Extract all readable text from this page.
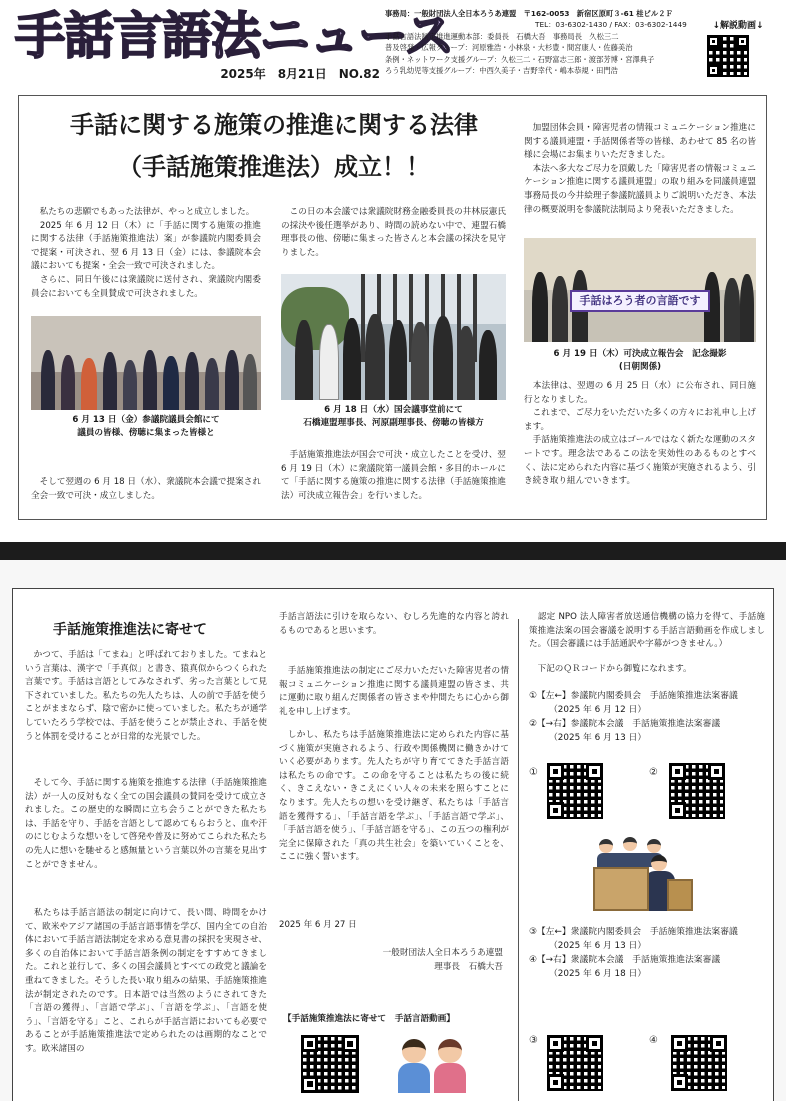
手話言語法ニュース
2025年　8月21日　NO.82
事務局：一般財団法人全日本ろうあ連盟　〒162-0053　新宿区原町３-61 桂ビル２Ｆ
TEL：03-6302-1430 / FAX：03-6302-1449
手話言語法制定推進運動本部：委員長　石橋大吾　事務局長　久松三二
普及啓発・広報グループ：河原雅浩・小林泉・大杉豊・間宮康人・佐藤美治
条例・ネットワーク支援グループ：久松三二・石野富志三郎・渡部芳博・宮澤典子
ろう乳幼児等支援グループ：中西久美子・吉野幸代・嶋本恭規・田門浩
↓解説動画↓
手話に関する施策の推進に関する法律
（手話施策推進法）成立！！
　私たちの悲願でもあった法律が、やっと成立しました。
　2025 年 6 月 12 日（木）に「手話に関する施策の推進に関する法律（手話施策推進法）案」が参議院内閣委員会で提案・可決され、翌 6 月 13 日（金）には、参議院本会議においても提案・全会一致で可決されました。
　さらに、同日午後には衆議院に送付され、衆議院内閣委員会においても全員賛成で可決されました。
6 月 13 日（金）参議院議員会館にて
議員の皆様、傍聴に集まった皆様と
　そして翌週の 6 月 18 日（水）、衆議院本会議で提案され全会一致で可決・成立しました。
　この日の本会議では衆議院財務金融委員長の井林辰憲氏の採決や後任選挙があり、時間の読めない中で、連盟石橋理事長の他、傍聴に集まった皆さんと本会議の採決を見守りました。
6 月 18 日（水）国会議事堂前にて
石橋連盟理事長、河原副理事長、傍聴の皆様方
　手話施策推進法が国会で可決・成立したことを受け、翌 6 月 19 日（木）に衆議院第一議員会館・多目的ホールにて「手話に関する施策の推進に関する法律（手話施策推進法）可決成立報告会」を行いました。
　加盟団体会員・障害児者の情報コミュニケーション推進に関する議員連盟・手話関係者等の皆様、あわせて 85 名の皆様に会場にお集まりいただきました。
　本法へ多大なご尽力を頂戴した「障害児者の情報コミュニケーション推進に関する議員連盟」の取り組みを同議員連盟事務局長の今井絵理子参議院議員よりご説明いただき、本法律の概要説明を参議院法制局より発表いただきました。
手話はろう者の言語です
6 月 19 日（木）可決成立報告会　記念撮影
(日朝関係)
　本法律は、翌週の 6 月 25 日（水）に公布され、同日施行となりました。
　これまで、ご尽力をいただいた多くの方々にお礼申し上げます。
　手話施策推進法の成立はゴールではなく新たな運動のスタートです。理念法であるこの法を実効性のあるものとすべく、法に定められた内容に基づく施策が実施されるよう、引き続き取り組んでいきます。
手話施策推進法に寄せて
　かつて、手話は「てまね」と呼ばれておりました。てまねという言葉は、漢字で「手真似」と書き、猿真似からつくられた言葉です。手話は言語としてみなされず、劣った言葉として見下されていました。私たちの先人たちは、人の前で手話を使うことがままならず、陰で密かに使っていました。私たちが通学していたろう学校では、手話を使うことが禁止され、手話を使うと体罰を受けることが日常的な光景でした。
　そして今、手話に関する施策を推進する法律（手話施策推進法）が一人の反対もなく全ての国会議員の賛同を受けて成立されました。この歴史的な瞬間に立ち会うことができた私たちは、手話を守り、手話を言語として認めてもらおうと、血や汗のにじむような想いをして啓発や普及に努めてこられた私たちの先人に想いを馳せると感無量という言葉以外の言葉を見出すことができません。
　私たちは手話言語法の制定に向けて、長い間、時間をかけて、欧米やアジア諸国の手話言語事情を学び、国内全ての自治体において手話言語法制定を求める意見書の採択を実現させ、多くの自治体において手話言語条例の制定をすすめてきました。これと並行して、多くの国会議員とすべての政党と議論を重ねてきました。そうした長い取り組みの結果、手話施策推進法が制定されたのです。日本語では当然のようにされてきた「言語の獲得」、「言語で学ぶ」、「言語を学ぶ」、「言語を使う」、「言語を守る」こと、これらが手話言語においても必要であることが手話施策推進法で定められたのは画期的なことです。欧米諸国の
手話言語法に引けを取らない、むしろ先進的な内容と誇れるものであると思います。
　手話施策推進法の制定にご尽力いただいた障害児者の情報コミュニケーション推進に関する議員連盟の皆さま、共に運動に取り組んだ関係者の皆さまや仲間たちに心から御礼を申し上げます。
　しかし、私たちは手話施策推進法に定められた内容に基づく施策が実施されるよう、行政や関係機関に働きかけていく必要があります。先人たちが守り育ててきた手話言語は私たちの命です。この命を守ることは私たちの後に続く、きこえない・きこえにくい人々の未来を照らすことになります。先人たちの想いを受け継ぎ、私たちは「手話言語を獲得する」、「手話言語を学ぶ」、「手話言語で学ぶ」、「手話言語を使う」、「手話言語を守る」、この五つの権利が完全に保障された「真の共生社会」を築いていくことを、ここに強く誓います。
2025 年 6 月 27 日
一般財団法人全日本ろうあ連盟
理事長　石橋大吾
【手話施策推進法に寄せて　手話言語動画】
　認定 NPO 法人障害者放送通信機構の協力を得て、手話施策推進法案の国会審議を説明する手話言語動画を作成しました。（国会審議には手話通訳や字幕がつきません。）
　下記のＱＲコードから御覧になれます。
①【左←】参議院内閣委員会　手話施策推進法案審議
（2025 年 6 月 12 日）
②【→右】参議院本会議　手話施策推進法案審議
（2025 年 6 月 13 日）
①	②
③【左←】衆議院内閣委員会　手話施策推進法案審議
（2025 年 6 月 13 日）
④【→右】衆議院本会議　手話施策推進法案審議
（2025 年 6 月 18 日）
③	④
